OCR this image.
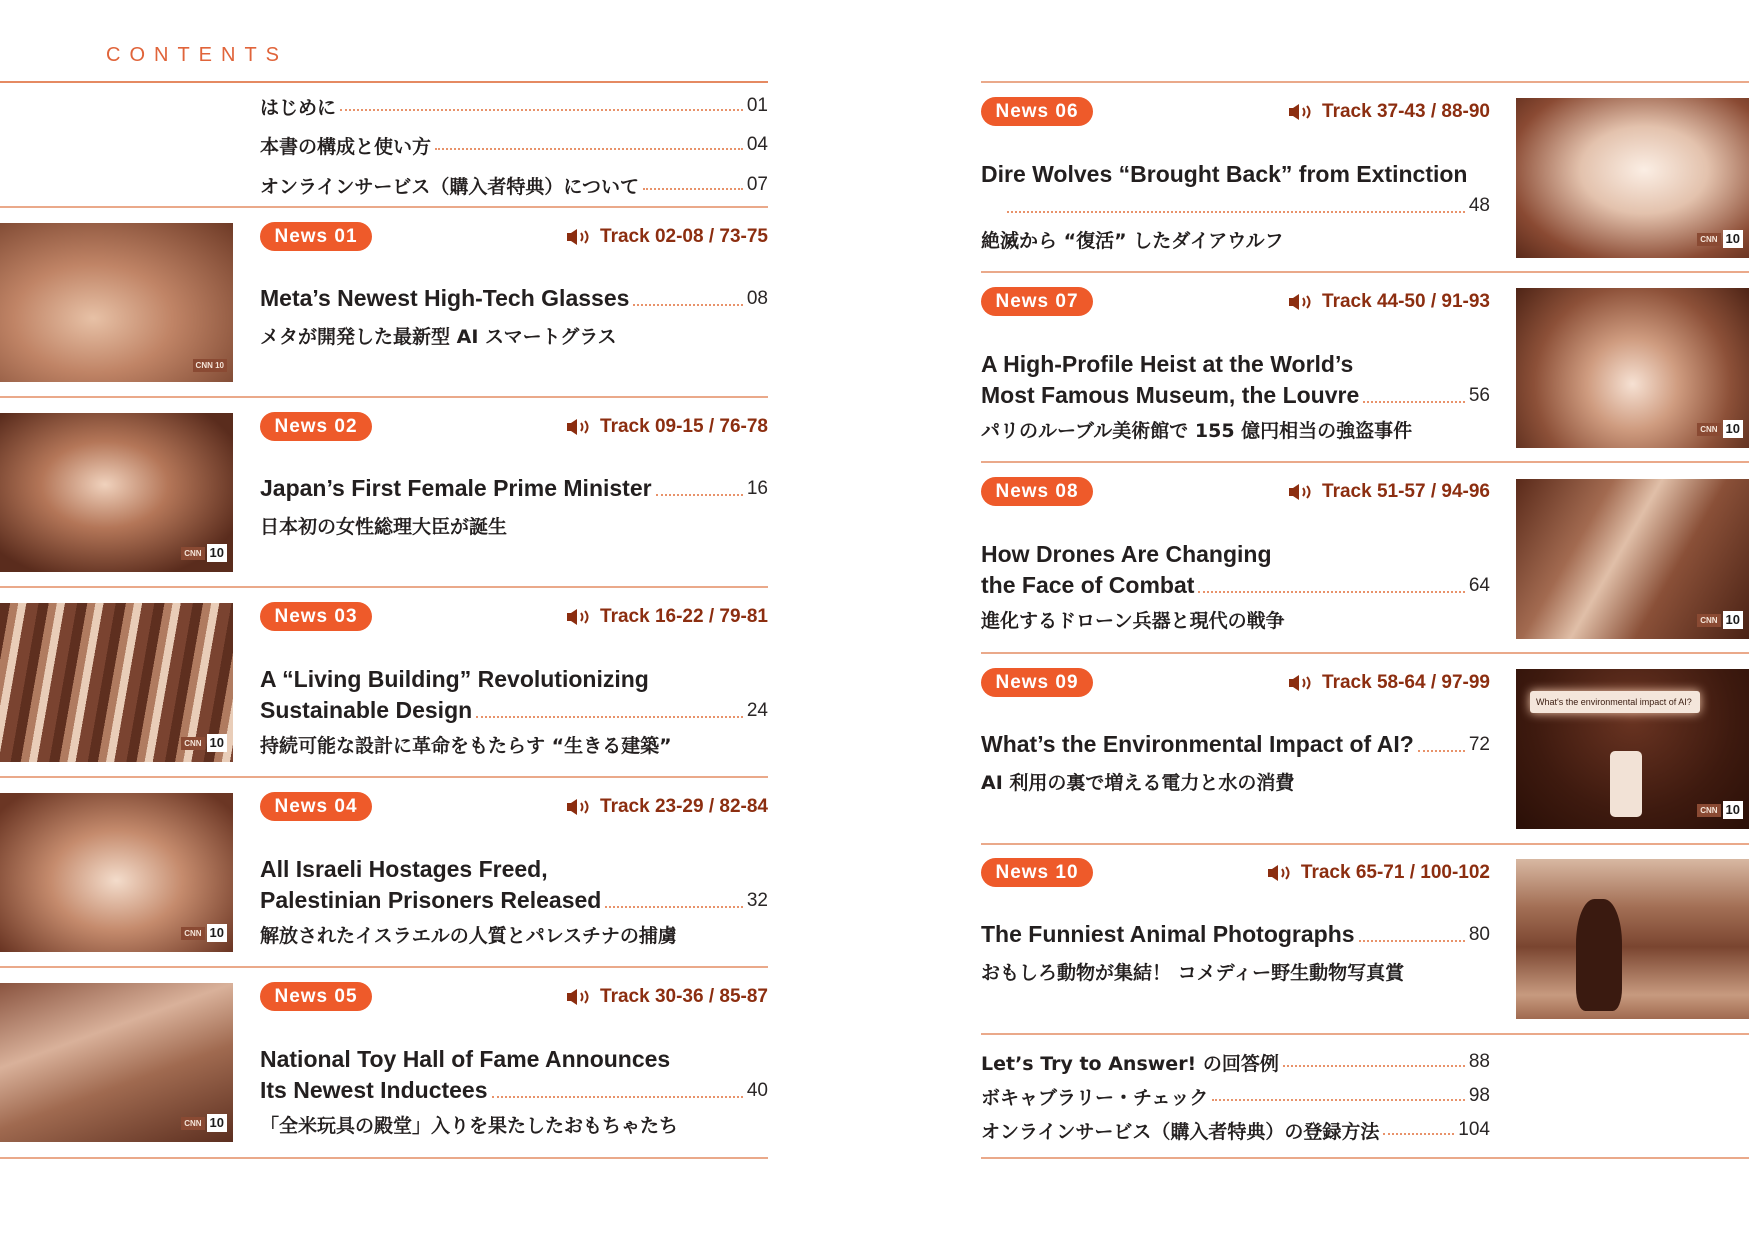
CONTENTS
はじめに	01
本書の構成と使い方	04
オンラインサービス（購入者特典）について	07
CNN 10
News 01	Track 02-08 / 73-75
Meta’s Newest High-Tech Glasses	08
メタが開発した最新型 AI スマートグラス
CNN 10
News 02	Track 09-15 / 76-78
Japan’s First Female Prime Minister	16
日本初の女性総理大臣が誕生
CNN 10
News 03	Track 16-22 / 79-81
A “Living Building” Revolutionizing
Sustainable Design	24
持続可能な設計に革命をもたらす “生きる建築”
CNN 10
News 04	Track 23-29 / 82-84
All Israeli Hostages Freed,
Palestinian Prisoners Released	32
解放されたイスラエルの人質とパレスチナの捕虜
CNN 10
News 05	Track 30-36 / 85-87
National Toy Hall of Fame Announces
Its Newest Inductees	40
「全米玩具の殿堂」入りを果たしたおもちゃたち
CNN 10
News 06	Track 37-43 / 88-90
Dire Wolves “Brought Back” from Extinction
48
絶滅から “復活” したダイアウルフ
CNN 10
News 07	Track 44-50 / 91-93
A High-Profile Heist at the World’s
Most Famous Museum, the Louvre	56
パリのルーブル美術館で 155 億円相当の強盗事件
CNN 10
News 08	Track 51-57 / 94-96
How Drones Are Changing
the Face of Combat	64
進化するドローン兵器と現代の戦争
What's the environmental impact of AI?
CNN 10
News 09	Track 58-64 / 97-99
What’s the Environmental Impact of AI?	72
AI 利用の裏で増える電力と水の消費
News 10	Track 65-71 / 100-102
The Funniest Animal Photographs	80
おもしろ動物が集結！ コメディー野生動物写真賞
Let’s Try to Answer! の回答例	88
ボキャブラリー・チェック	98
オンラインサービス（購入者特典）の登録方法	104
